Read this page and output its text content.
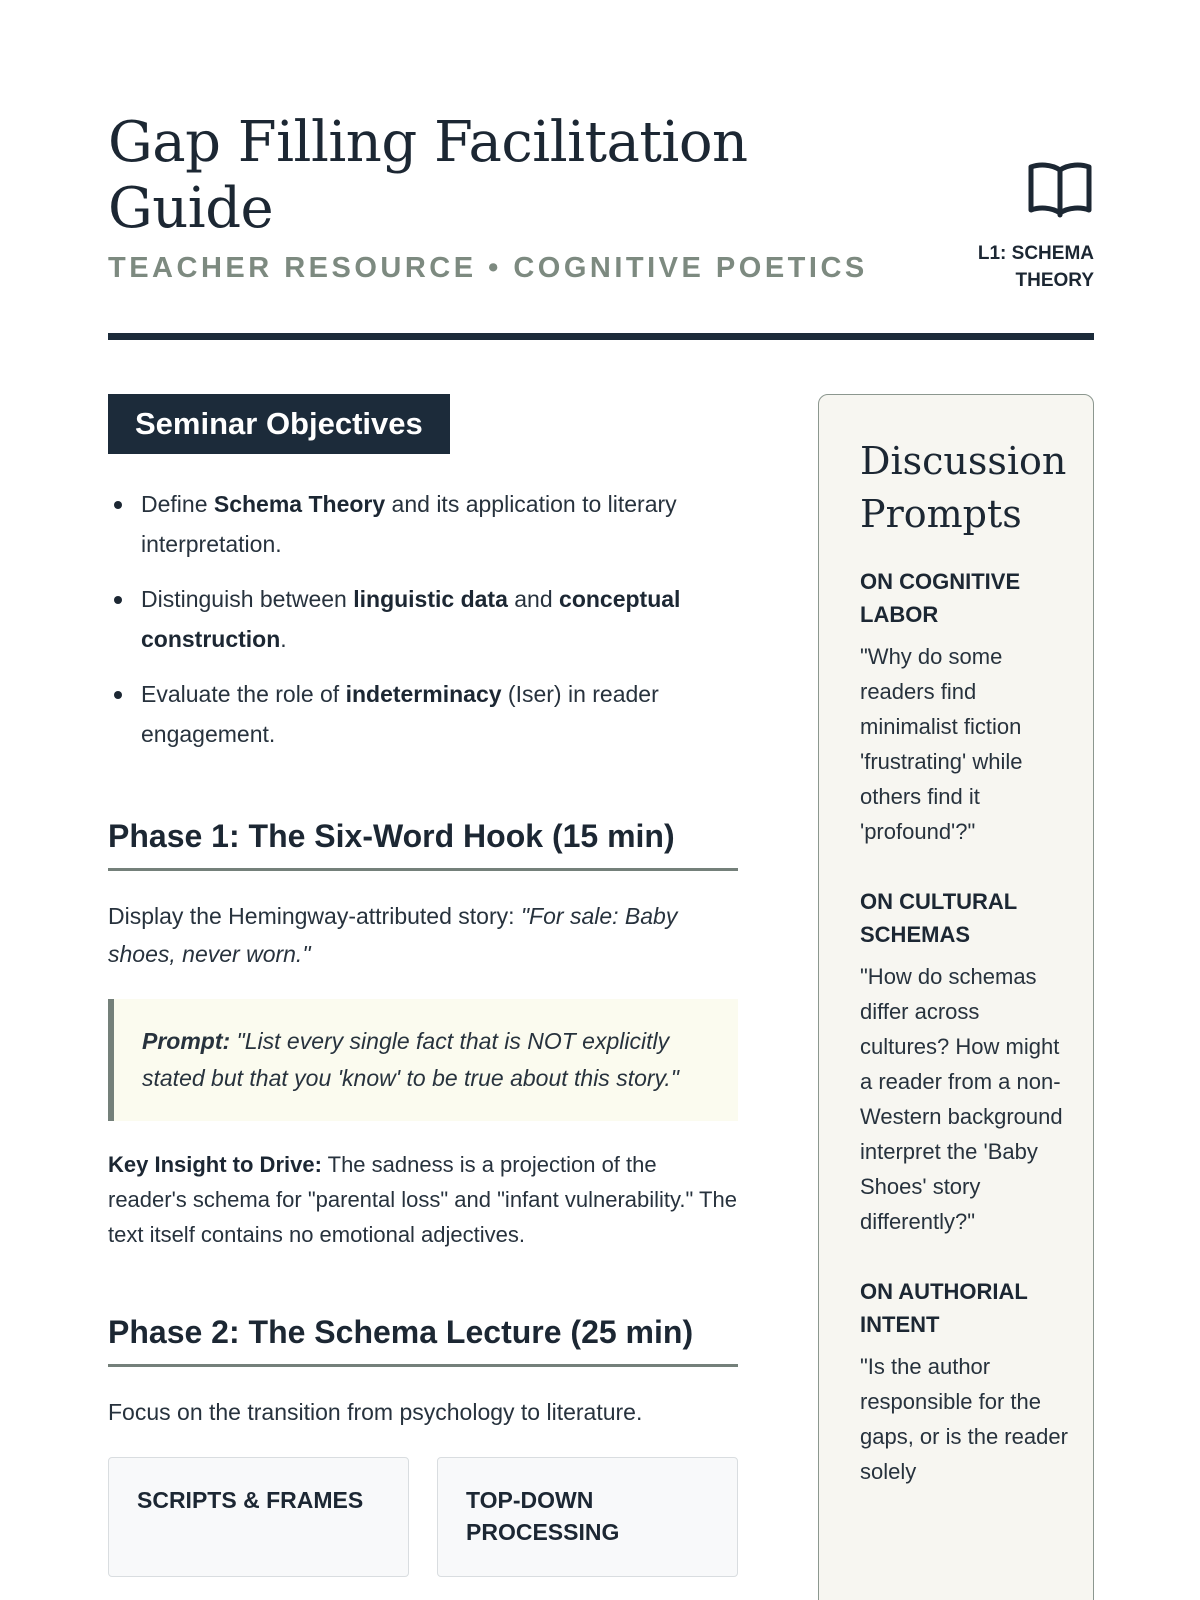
Gap Filling Facilitation Guide
TEACHER RESOURCE • COGNITIVE POETICS	L1: SCHEMA THEORY
Seminar Objectives
Define Schema Theory and its application to literary interpretation.
Distinguish between linguistic data and conceptual construction.
Evaluate the role of indeterminacy (Iser) in reader engagement.
Phase 1: The Six-Word Hook (15 min)

Display the Hemingway-attributed story: "For sale: Baby shoes, never worn."

Prompt: "List every single fact that is NOT explicitly stated but that you 'know' to be true about this story."

Key Insight to Drive: The sadness is a projection of the reader's schema for "parental loss" and "infant vulnerability." The text itself contains no emotional adjectives.

Phase 2: The Schema Lecture (25 min)

Focus on the transition from psychology to literature.

SCRIPTS & FRAMES	TOP-DOWN PROCESSING
Discussion Prompts
ON COGNITIVE LABOR
"Why do some readers find minimalist fiction 'frustrating' while others find it 'profound'?"
ON CULTURAL SCHEMAS
"How do schemas differ across cultures? How might a reader from a non-Western background interpret the 'Baby Shoes' story differently?"
ON AUTHORIAL INTENT
"Is the author responsible for the gaps, or is the reader solely
